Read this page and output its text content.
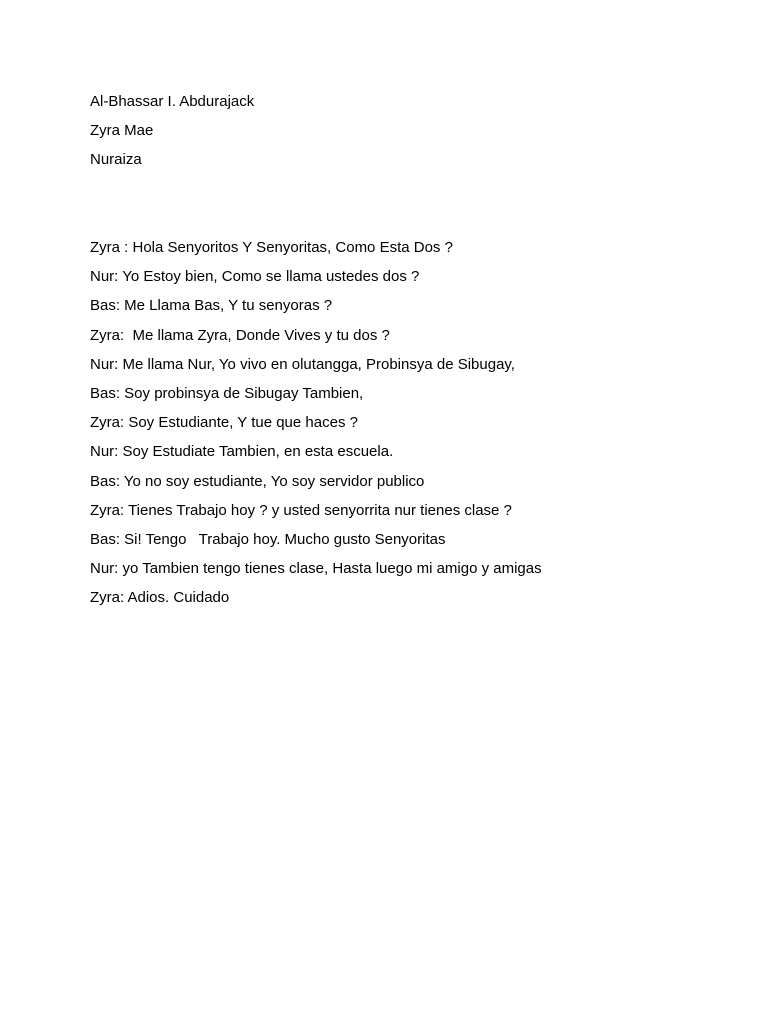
Al-Bhassar I. Abdurajack

Zyra Mae

Nuraiza

Zyra : Hola Senyoritos Y Senyoritas, Como Esta Dos ?

Nur: Yo Estoy bien, Como se llama ustedes dos ?

Bas: Me Llama Bas, Y tu senyoras ?

Zyra:  Me llama Zyra, Donde Vives y tu dos ?

Nur: Me llama Nur, Yo vivo en olutangga, Probinsya de Sibugay,

Bas: Soy probinsya de Sibugay Tambien,

Zyra: Soy Estudiante, Y tue que haces ?

Nur: Soy Estudiate Tambien, en esta escuela.

Bas: Yo no soy estudiante, Yo soy servidor publico

Zyra: Tienes Trabajo hoy ? y usted senyorrita nur tienes clase ?

Bas: Si! Tengo   Trabajo hoy. Mucho gusto Senyoritas

Nur: yo Tambien tengo tienes clase, Hasta luego mi amigo y amigas

Zyra: Adios. Cuidado
